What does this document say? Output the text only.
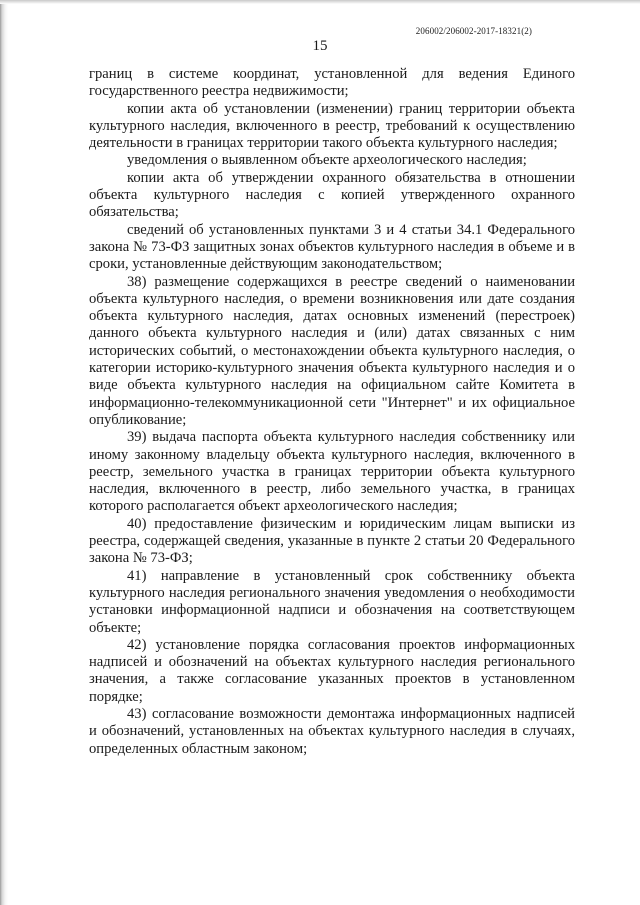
206002/206002-2017-18321(2)
15

границ в системе координат, установленной для ведения Единого государственного реестра недвижимости;

копии акта об установлении (изменении) границ территории объекта культурного наследия, включенного в реестр, требований к осуществлению деятельности в границах территории такого объекта культурного наследия;

уведомления о выявленном объекте археологического наследия;

копии акта об утверждении охранного обязательства в отношении объекта культурного наследия с копией утвержденного охранного обязательства;

сведений об установленных пунктами 3 и 4 статьи 34.1 Федерального закона № 73-ФЗ защитных зонах объектов культурного наследия в объеме и в сроки, установленные действующим законодательством;

38) размещение содержащихся в реестре сведений о наименовании объекта культурного наследия, о времени возникновения или дате создания объекта культурного наследия, датах основных изменений (перестроек) данного объекта культурного наследия и (или) датах связанных с ним исторических событий, о местонахождении объекта культурного наследия, о категории историко-культурного значения объекта культурного наследия и о виде объекта культурного наследия на официальном сайте Комитета в информационно-телекоммуникационной сети "Интернет" и их официальное опубликование;

39) выдача паспорта объекта культурного наследия собственнику или иному законному владельцу объекта культурного наследия, включенного в реестр, земельного участка в границах территории объекта культурного наследия, включенного в реестр, либо земельного участка, в границах которого располагается объект археологического наследия;

40) предоставление физическим и юридическим лицам выписки из реестра, содержащей сведения, указанные в пункте 2 статьи 20 Федерального закона № 73-ФЗ;

41) направление в установленный срок собственнику объекта культурного наследия регионального значения уведомления о необходимости установки информационной надписи и обозначения на соответствующем объекте;

42) установление порядка согласования проектов информационных надписей и обозначений на объектах культурного наследия регионального значения, а также согласование указанных проектов в установленном порядке;

43) согласование возможности демонтажа информационных надписей и обозначений, установленных на объектах культурного наследия в случаях, определенных областным законом;
